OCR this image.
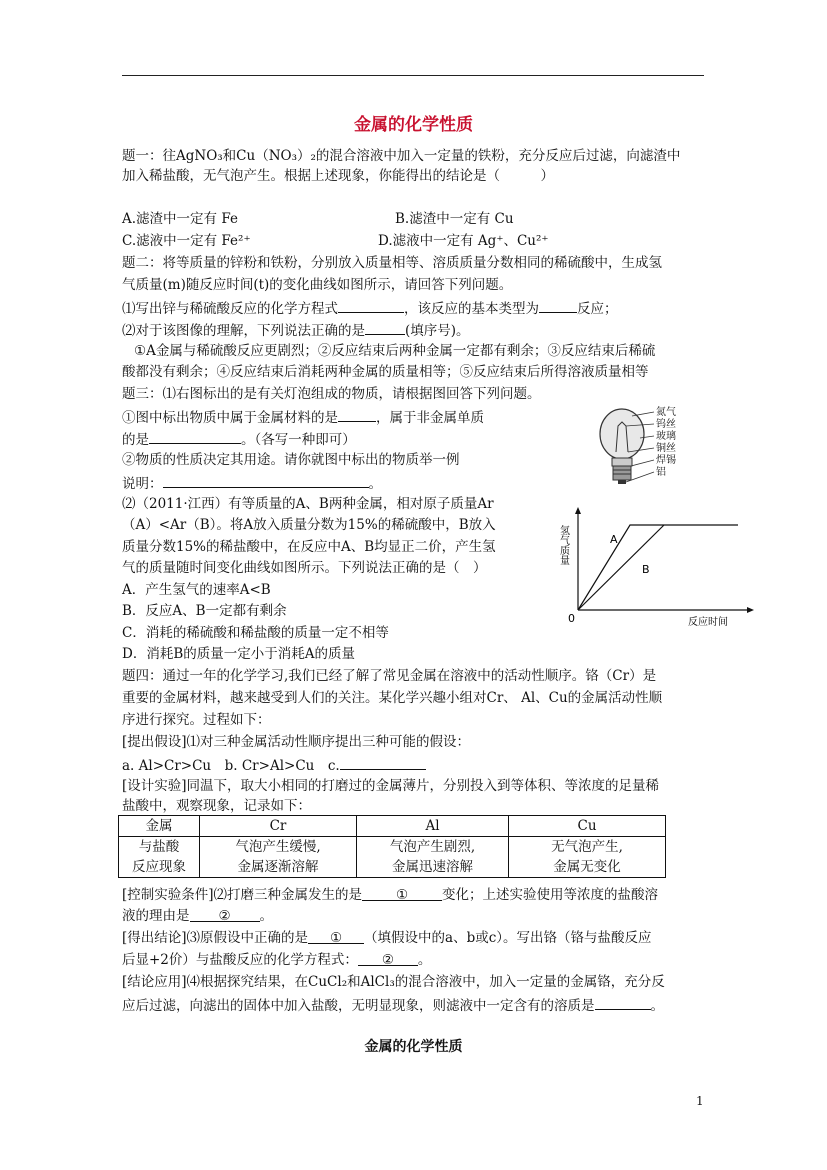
金属的化学性质
题一：往AgNO₃和Cu（NO₃）₂的混合溶液中加入一定量的铁粉，充分反应后过滤，向滤渣中
加入稀盐酸，无气泡产生。根据上述现象，你能得出的结论是（　　　）
A.滤渣中一定有 Fe	B.滤渣中一定有 Cu
C.滤液中一定有 Fe²⁺	D.滤液中一定有 Ag⁺、Cu²⁺
题二：将等质量的锌粉和铁粉，分别放入质量相等、溶质质量分数相同的稀硫酸中，生成氢
气质量(m)随反应时间(t)的变化曲线如图所示，请回答下列问题。
⑴写出锌与稀硫酸反应的化学方程式	，该反应的基本类型为	反应；
⑵对于该图像的理解，下列说法正确的是	(填序号)。
①A金属与稀硫酸反应更剧烈；②反应结束后两种金属一定都有剩余；③反应结束后稀硫
酸都没有剩余；④反应结束后消耗两种金属的质量相等；⑤反应结束后所得溶液质量相等
题三：⑴右图标出的是有关灯泡组成的物质，请根据图回答下列问题。
①图中标出物质中属于金属材料的是	，属于非金属单质
的是	。（各写一种即可）
②物质的性质决定其用途。请你就图中标出的物质举一例
说明：	。
⑵（2011·江西）有等质量的A、B两种金属，相对原子质量Ar
（A）<Ar（B）。将A放入质量分数为15%的稀硫酸中，B放入
质量分数15%的稀盐酸中，在反应中A、B均显正二价，产生氢
气的质量随时间变化曲线如图所示。下列说法正确的是（　）
A．产生氢气的速率A<B
B．反应A、B一定都有剩余
C．消耗的稀硫酸和稀盐酸的质量一定不相等
D．消耗B的质量一定小于消耗A的质量
氮气
钨丝
玻璃
铜丝
焊锡
铝
A
B
0	反应时间
氢气质量
题四：通过一年的化学学习,我们已经了解了常见金属在溶液中的活动性顺序。铬（Cr）是
重要的金属材料，越来越受到人们的关注。某化学兴趣小组对Cr、 Al、Cu的金属活动性顺
序进行探究。过程如下：
[提出假设]⑴对三种金属活动性顺序提出三种可能的假设：
a. Al>Cr>Cu　b. Cr>Al>Cu　c.
[设计实验]同温下，取大小相同的打磨过的金属薄片，分别投入到等体积、等浓度的足量稀
盐酸中，观察现象，记录如下：
金属	Cr	Al	Cu
与盐酸	气泡产生缓慢,	气泡产生剧烈,	无气泡产生,
反应现象	金属逐渐溶解	金属迅速溶解	金属无变化
[控制实验条件]⑵打磨三种金属发生的是	①	变化；上述实验使用等浓度的盐酸溶
液的理由是 ② 。
[得出结论]⑶原假设中正确的是 ① （填假设中的a、b或c）。写出铬（铬与盐酸反应
后显+2价）与盐酸反应的化学方程式： ② 。
[结论应用]⑷根据探究结果，在CuCl₂和AlCl₃的混合溶液中，加入一定量的金属铬，充分反
应后过滤，向滤出的固体中加入盐酸，无明显现象，则滤液中一定含有的溶质是	。
金属的化学性质
1
